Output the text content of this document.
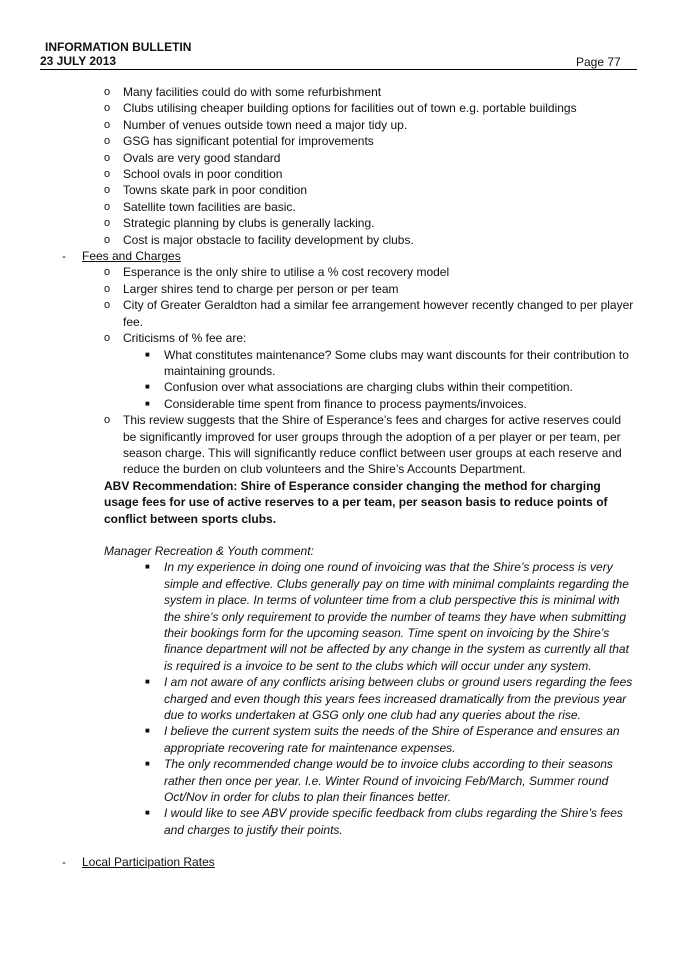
INFORMATION BULLETIN
23 JULY 2013	Page 77
o Many facilities could do with some refurbishment
o Clubs utilising cheaper building options for facilities out of town e.g. portable buildings
o Number of venues outside town need a major tidy up.
o GSG has significant potential for improvements
o Ovals are very good standard
o School ovals in poor condition
o Towns skate park in poor condition
o Satellite town facilities are basic.
o Strategic planning by clubs is generally lacking.
o Cost is major obstacle to facility development by clubs.
- Fees and Charges
o Esperance is the only shire to utilise a % cost recovery model
o Larger shires tend to charge per person or per team
o City of Greater Geraldton had a similar fee arrangement however recently changed to per player fee.
o Criticisms of % fee are:
■ What constitutes maintenance? Some clubs may want discounts for their contribution to maintaining grounds.
■ Confusion over what associations are charging clubs within their competition.
■ Considerable time spent from finance to process payments/invoices.
o This review suggests that the Shire of Esperance’s fees and charges for active reserves could be significantly improved for user groups through the adoption of a per player or per team, per season charge. This will significantly reduce conflict between user groups at each reserve and reduce the burden on club volunteers and the Shire’s Accounts Department.
ABV Recommendation: Shire of Esperance consider changing the method for charging usage fees for use of active reserves to a per team, per season basis to reduce points of conflict between sports clubs.
Manager Recreation & Youth comment:
■ In my experience in doing one round of invoicing was that the Shire’s process is very simple and effective. Clubs generally pay on time with minimal complaints regarding the system in place. In terms of volunteer time from a club perspective this is minimal with the shire’s only requirement to provide the number of teams they have when submitting their bookings form for the upcoming season. Time spent on invoicing by the Shire’s finance department will not be affected by any change in the system as currently all that is required is a invoice to be sent to the clubs which will occur under any system.
■ I am not aware of any conflicts arising between clubs or ground users regarding the fees charged and even though this years fees increased dramatically from the previous year due to works undertaken at GSG only one club had any queries about the rise.
■ I believe the current system suits the needs of the Shire of Esperance and ensures an appropriate recovering rate for maintenance expenses.
■ The only recommended change would be to invoice clubs according to their seasons rather then once per year. I.e. Winter Round of invoicing Feb/March, Summer round Oct/Nov in order for clubs to plan their finances better.
■ I would like to see ABV provide specific feedback from clubs regarding the Shire’s fees and charges to justify their points.
- Local Participation Rates
